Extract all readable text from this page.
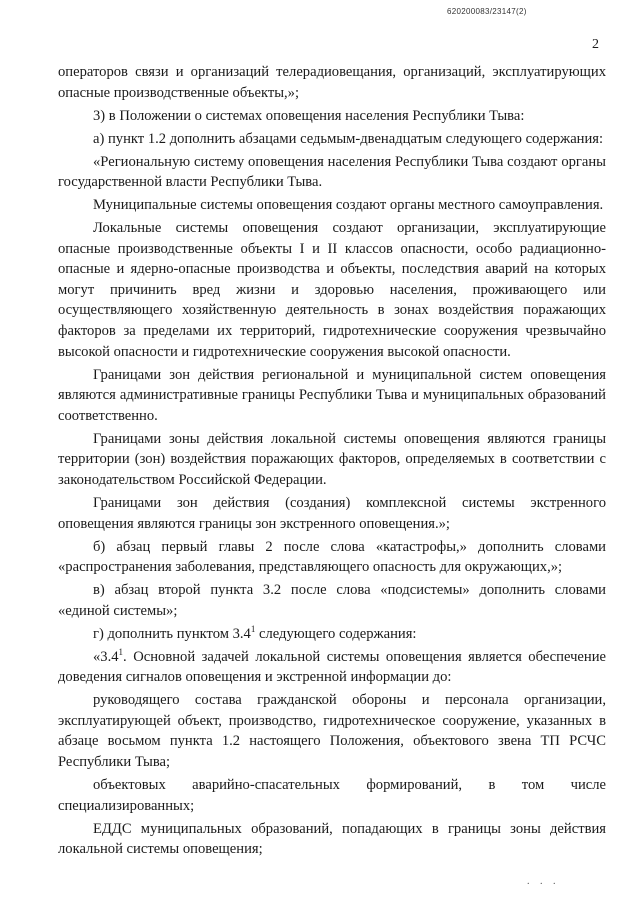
620200083/23147(2)
2

операторов связи и организаций телерадиовещания, организаций, эксплуатирующих опасные производственные объекты,»;

3) в Положении о системах оповещения населения Республики Тыва:

а) пункт 1.2 дополнить абзацами седьмым-двенадцатым следующего содержания:

«Региональную систему оповещения населения Республики Тыва создают органы государственной власти Республики Тыва.

Муниципальные системы оповещения создают органы местного самоуправления.

Локальные системы оповещения создают организации, эксплуатирующие опасные производственные объекты I и II классов опасности, особо радиационно-опасные и ядерно-опасные производства и объекты, последствия аварий на которых могут причинить вред жизни и здоровью населения, проживающего или осуществляющего хозяйственную деятельность в зонах воздействия поражающих факторов за пределами их территорий, гидротехнические сооружения чрезвычайно высокой опасности и гидротехнические сооружения высокой опасности.

Границами зон действия региональной и муниципальной систем оповещения являются административные границы Республики Тыва и муниципальных образований соответственно.

Границами зоны действия локальной системы оповещения являются границы территории (зон) воздействия поражающих факторов, определяемых в соответствии с законодательством Российской Федерации.

Границами зон действия (создания) комплексной системы экстренного оповещения являются границы зон экстренного оповещения.»;

б) абзац первый главы 2 после слова «катастрофы,» дополнить словами «распространения заболевания, представляющего опасность для окружающих,»;

в) абзац второй пункта 3.2 после слова «подсистемы» дополнить словами «единой системы»;

г) дополнить пунктом $3.4^1$ следующего содержания:

«$3.4^1$. Основной задачей локальной системы оповещения является обеспечение доведения сигналов оповещения и экстренной информации до:

руководящего состава гражданской обороны и персонала организации, эксплуатирующей объект, производство, гидротехническое сооружение, указанных в абзаце восьмом пункта 1.2 настоящего Положения, объектового звена ТП РСЧС Республики Тыва;

объектовых аварийно-спасательных формирований, в том числе специализированных;

ЕДДС муниципальных образований, попадающих в границы зоны действия локальной системы оповещения;

. . .
